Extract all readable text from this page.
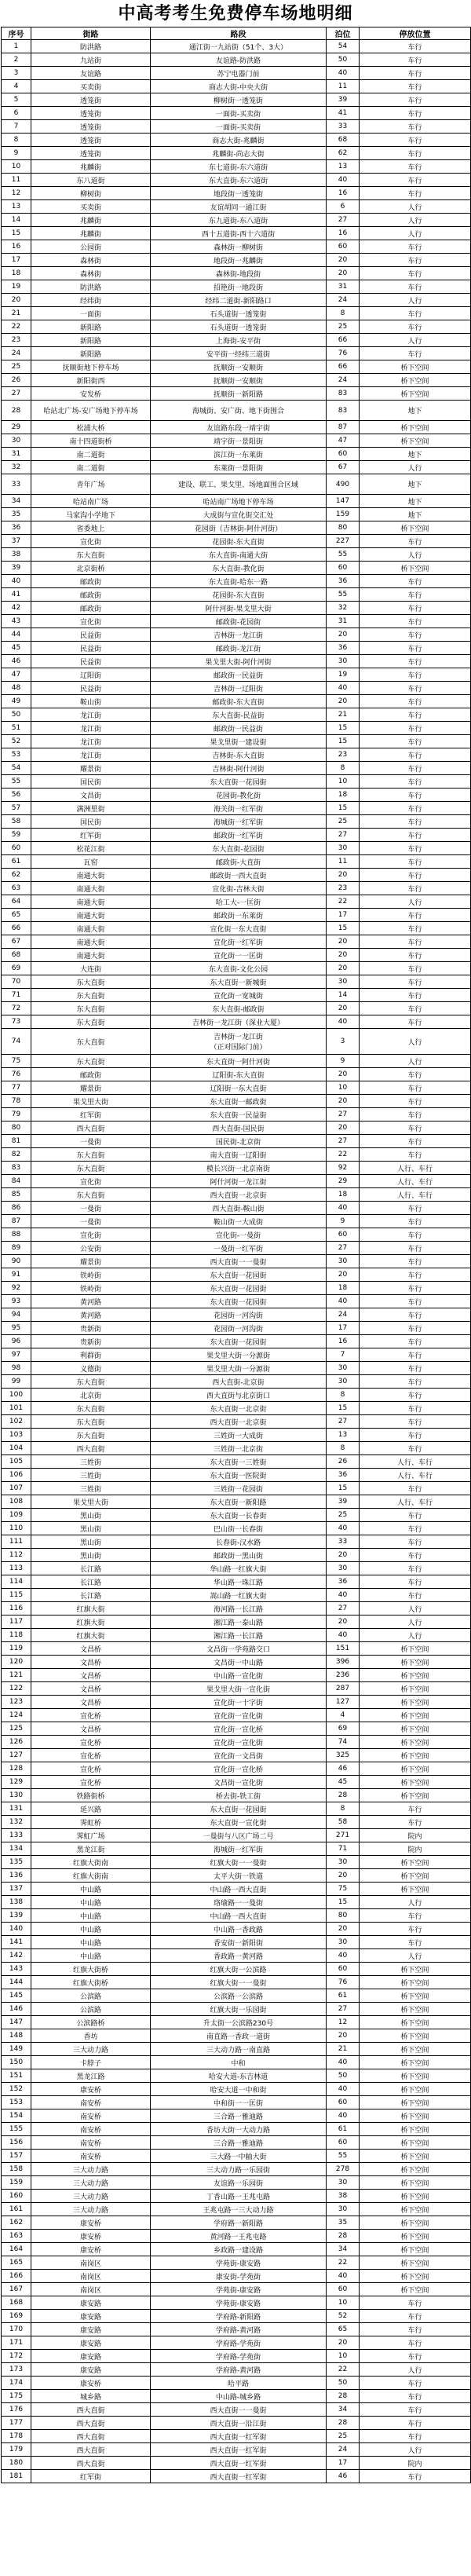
中高考考生免费停车场地明细
序号	街路	路段	泊位	停放位置
1	防洪路	通江街一九站街（51个、3大）	54	车行
2	九站街	友谊路-防洪路	50	车行
3	友谊路	苏宁电器门前	40	车行
4	买卖街	商志大街-中央大街	11	车行
5	透笼街	柳树街一透笼街	39	车行
6	透笼街	一面街-买卖街	41	车行
7	透笼街	一面街-买卖街	33	车行
8	透笼街	商志大街-兆麟街	68	车行
9	透笼街	兆麟街-尚志大街	62	车行
10	兆麟街	东七道街-东六道街	13	车行
11	东八道街	东大直街-东六道街	40	车行
12	柳树街	地段街一透笼街	16	车行
13	买卖街	友谊胡同一通江街	6	人行
14	兆麟街	东九道街-东八道街	27	人行
15	兆麟街	西十五道街-西十六道街	16	人行
16	公园街	森林街一柳树街	60	车行
17	森林街	地段街一兆麟街	20	车行
18	森林街	森林街-地段街	20	车行
19	防洪路	招艳街一地段街	31	车行
20	经纬街	经纬二道街-新阳路口	24	人行
21	一面街	石头道街一透笼街	8	车行
22	新阳路	石头道街一透笼街	25	车行
23	新阳路	上海街-安平街	66	人行
24	新阳路	安平街一经纬三道街	76	车行
25	抚顺街地下停车场	抚顺街一安顺街	66	桥下空间
26	新阳街西	抚顺街一安顺街	24	桥下空间
27	安发桥	抚顺街一新阳路	83	桥下空间
28	哈站北广场-安广场地下停车场	海城街、安广街、地下街围合	83	地下
29	松浦大桥	友谊路东段一靖宇街	87	桥下空间
30	南十四道街桥	靖宇街一景阳街	47	桥下空间
31	南二道街	滨江街一东莱街	60	地下
32	南二道街	东莱街一景阳街	67	人行
33	青年广场	建设、联工、果戈里、场地面围合区域	490	地下
34	哈站南广场	哈站南广场地下停车场	147	地下
35	马家沟小学地下	大成街与宣化街交汇处	159	地下
36	省委地上	花园街（吉林街-阿什河街）	80	桥下空间
37	宣化街	花园街-东大直街	227	车行
38	东大直街	东大直街-南通大街	55	人行
39	北京街桥	东大直街-教化街	60	桥下空间
40	邮政街	东大直街-哈东一路	36	车行
41	邮政街	花园街-东大直街	55	车行
42	邮政街	阿什河街-果戈里大街	32	车行
43	宣化街	邮政街-花园街	31	车行
44	民益街	吉林街一龙江街	20	车行
45	民益街	邮政街-龙江街	36	车行
46	民益街	果戈里大街-阿什河街	30	车行
47	辽阳街	邮政街一民益街	19	车行
48	民益街	吉林街一辽阳街	40	车行
49	鞍山街	邮政街-东大直街	20	车行
50	龙江街	东大直街-民益街	21	车行
51	龙江街	邮政街一民益街	15	车行
52	龙江街	果戈里街一建设街	15	车行
53	龙江街	吉林街-东大直街	23	车行
54	耀景街	吉林街-阿什河街	8	车行
55	国民街	东大直街一花园街	10	车行
56	文昌街	花园街-教化街	18	车行
57	满洲里街	海关街一红军街	15	车行
58	国民街	海城街一红军街	25	车行
59	红军街	邮政街一红军街	27	车行
60	松花江街	东大直街-花园街	30	车行
61	瓦窑	邮政街-大直街	11	车行
62	南通大街	邮政街一西大直街	20	车行
63	南通大街	宣化街-吉林大街	23	车行
64	南通大街	哈工大-一匡街	22	人行
65	南通大街	邮政街一东莱街	17	车行
66	南通大街	宣化街一东大直街	15	车行
67	南通大街	宣化街一红军街	20	车行
68	南通大街	宣化街一一匡街	20	车行
69	大连街	东大直街-文化公园	20	车行
70	东大直街	东大直街一新城街	30	车行
71	东大直街	宣化街一宽城街	14	车行
72	东大直街	东大直街-邮政街	20	车行
73	东大直街	吉林街一龙江街（深业大厦）	40	车行
74	东大直街	吉林街一龙江街
（正对国际门前）	3	人行
75	东大直街	东大直街一阿什河街	9	人行
76	邮政街	辽阳街-东大直街	20	车行
77	耀景街	辽阳街一东大直街	10	车行
78	果戈里大街	东大直街一邮政街	20	车行
79	红军街	东大直街一民益街	27	车行
80	西大直街	西大直街-国民街	20	车行
81	一曼街	国民街-北京街	27	车行
82	东大直街	南大直街一辽阳街	22	车行
83	东大直街	模长兴街一北京南街	92	人行、车行
84	宣化街	阿什河街一龙江街	29	人行、车行
85	东大直街	西大直街一北京街	18	人行、车行
86	一曼街	西大直街-鞍山街	40	车行
87	一曼街	鞍山街一大成街	9	车行
88	宣化街	宣化街-一曼街	60	车行
89	公安街	一曼街一红军街	27	车行
90	耀景街	西大直街一一曼街	30	车行
91	铁岭街	东大直街一花园街	20	车行
92	铁岭街	东大直街一花园街	18	车行
93	黄河路	东大直街一花园街	40	车行
94	黄河路	花园街一河沟街	24	车行
95	贵新街	花园街一河沟街	17	车行
96	贵新街	东大直街一花园街	16	车行
97	利群街	果戈里大街一分源街	7	车行
98	义德街	果戈里大街一分源街	30	车行
99	东大直街	西大直街-北京街	30	车行
100	北京街	西大直街与北京街口	8	车行
101	东大直街	东大直街一北京街	15	车行
102	东大直街	西大直街一北京街	27	车行
103	东大直街	三姓街一大成街	13	车行
104	西大直街	三姓街一北京街	8	车行
105	三姓街	东大直街一三姓街	26	人行、车行
106	三姓街	东大直街一医院街	36	人行、车行
107	三姓街	三姓街一花园街	15	车行
108	果戈里大街	东大直街一新阳路	39	人行、车行
109	黑山街	东大直街一长春街	25	车行
110	黑山街	巴山街一长春街	40	车行
111	黑山街	长春街-汉水路	33	车行
112	黑山街	邮政街一黑山街	20	车行
113	长江路	华山路一红旗大街	30	车行
114	长江路	华山路一珠江路	36	车行
115	长江路	嵩山路一红旗大街	40	车行
116	红旗大街	海河路一长江路	27	人行
117	红旗大街	湘江路一泰山路	20	人行
118	红旗大街	湘江路一长江路	40	人行
119	文昌桥	文昌街一学苑路交口	151	桥下空间
120	文昌桥	文昌街一中山路	396	桥下空间
121	文昌桥	中山路一宣化街	236	桥下空间
122	文昌桥	果戈里大街一宣化街	287	桥下空间
123	文昌桥	宣化街一十字街	127	桥下空间
124	宣化桥	宣化街一宣化街	4	桥下空间
125	文昌桥	宣化街一宣化桥	69	桥下空间
126	宣化桥	宣化街一宣化街	74	桥下空间
127	宣化桥	宣化街一文昌街	325	桥下空间
128	宣化桥	宣化街一宣化桥	46	桥下空间
129	宣化桥	文昌街一宣化街	45	桥下空间
130	铁路街桥	桥去街-铁工街	28	桥下空间
131	延兴路	东大直街一花园街	8	车行
132	霁虹桥	东大直街一宣化街	58	车行
133	霁虹广场	一曼街与八区广场二号	271	院内
134	黑龙江街	海城街一红军街	71	院内
135	红旗大街南	红旗大街一一曼街	30	桥下空间
136	红旗大街南	太平大街一铁道	20	桥下空间
137	中山路	中山路一西大直街	75	桥下空间
138	中山路	珞瑜路一一曼街	15	人行
139	中山路	中山路一西大直街	80	车行
140	中山路	中山路一香政路	20	车行
141	中山路	香安街一新阳街	30	车行
142	中山路	香政路一黄河路	40	人行
143	红旗大街桥	红旗大街一公滨路	60	桥下空间
144	红旗大街桥	红旗大街一一曼街	76	桥下空间
145	公滨路	公滨路一公滨路	61	桥下空间
146	公滨路	红旗大街一乐园街	27	桥下空间
147	公滨路桥	升太街一公滨路230号	12	桥下空间
148	香坊	南直路一香政一道街	20	桥下空间
149	三大动力路	三大动力路一南直路	21	桥下空间
150	卡脖子	中和	40	桥下空间
151	黑龙江路	哈安大道-东吉林道	50	桥下空间
152	康安桥	哈安大道一中和街	40	桥下空间
153	南安桥	中和街一一匡街	60	桥下空间
154	南安桥	三合路一雅迪路	40	桥下空间
155	南安桥	香坊大街一大动力路	61	桥下空间
156	南安桥	三合路一雅迪路	60	桥下空间
157	南安桥	三大路一中轴大街	55	桥下空间
158	三大动力路	三大动力路一乐园街	278	桥下空间
159	三大动力路	友谊路一乐园街	30	桥下空间
160	三大动力路	丁香山路一王兆屯路	38	桥下空间
161	三大动力路	王兆屯路一三大动力路	30	桥下空间
162	康安桥	学府路一新阳路	35	桥下空间
163	康安桥	黄河路一王兆屯路	28	桥下空间
164	康安桥	乡政路一建设路	34	桥下空间
165	南岗区	学苑街-康安路	22	桥下空间
166	南岗区	康安街-学苑街	40	桥下空间
167	南岗区	学苑街-康安路	60	桥下空间
168	康安路	学苑街-康安路	10	车行
169	康安路	学府路-新阳路	52	车行
170	康安路	学府路-黄河路	65	车行
171	康安路	学府路-学苑街	20	车行
172	康安路	学府路-学苑街	10	车行
173	康安路	学府路-黄河路	22	人行
174	康安桥	哈平路	50	车行
175	城乡路	中山路-城乡路	28	车行
176	西大直街	西大直街一一曼街	34	车行
177	西大直街	西大直街一沿江街	28	车行
178	西大直街	西大直街一红军街	25	车行
179	西大直街	西大直街一红军街	24	人行
180	西大直街	西大直街一红军街	17	院内
181	红军街	西大直街一红军街	46	车行
